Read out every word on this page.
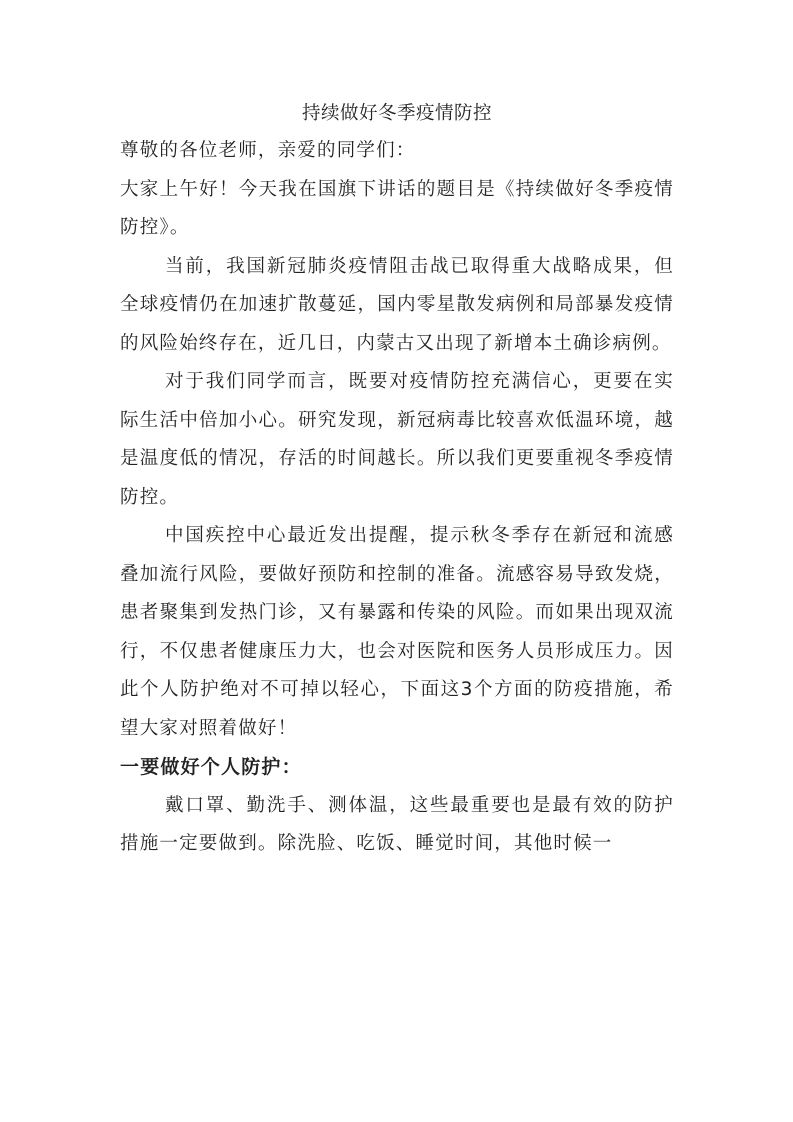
持续做好冬季疫情防控

尊敬的各位老师，亲爱的同学们：

大家上午好！今天我在国旗下讲话的题目是《持续做好冬季疫情防控》。

当前，我国新冠肺炎疫情阻击战已取得重大战略成果，但全球疫情仍在加速扩散蔓延，国内零星散发病例和局部暴发疫情的风险始终存在，近几日，内蒙古又出现了新增本土确诊病例。

对于我们同学而言，既要对疫情防控充满信心，更要在实际生活中倍加小心。研究发现，新冠病毒比较喜欢低温环境，越是温度低的情况，存活的时间越长。所以我们更要重视冬季疫情防控。

中国疾控中心最近发出提醒，提示秋冬季存在新冠和流感叠加流行风险，要做好预防和控制的准备。流感容易导致发烧，患者聚集到发热门诊，又有暴露和传染的风险。而如果出现双流行，不仅患者健康压力大，也会对医院和医务人员形成压力。因此个人防护绝对不可掉以轻心，下面这3个方面的防疫措施，希望大家对照着做好！

一要做好个人防护：

戴口罩、勤洗手、测体温，这些最重要也是最有效的防护措施一定要做到。除洗脸、吃饭、睡觉时间，其他时候一
